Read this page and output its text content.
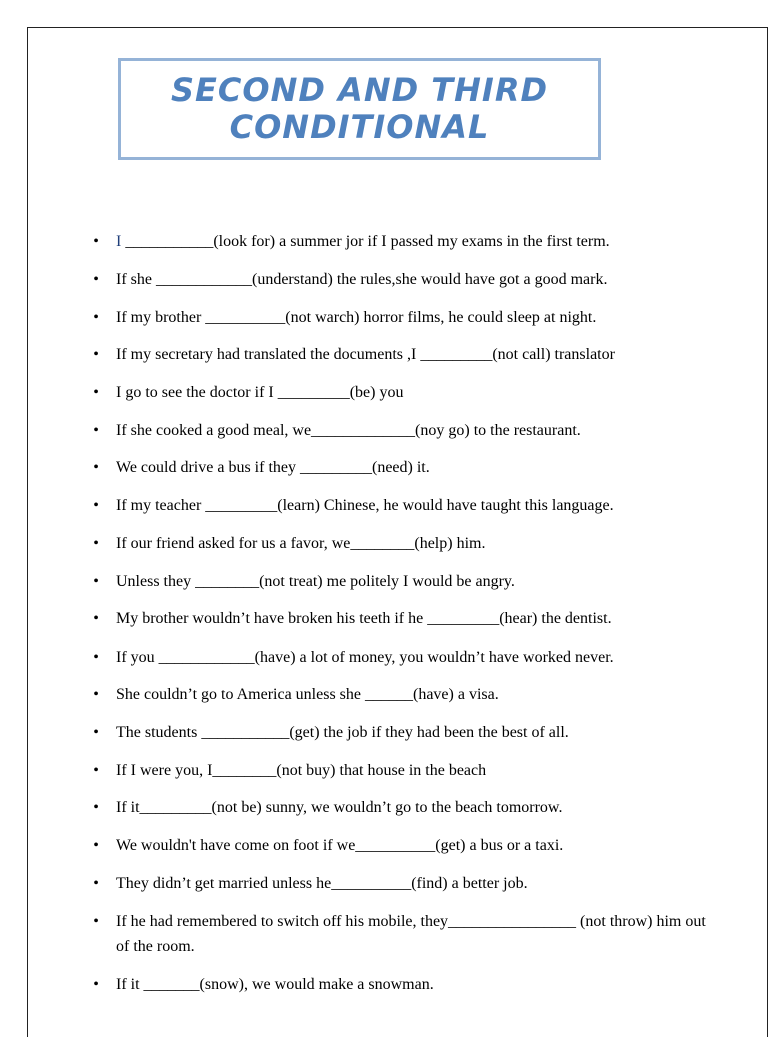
SECOND AND THIRD
CONDITIONAL
• I ___________(look for) a summer jor if I passed my exams in the first term.
• If she ____________(understand) the rules,she would have got a good mark.
• If my brother __________(not warch) horror films, he could sleep at night.
• If my secretary had translated the documents ,I _________(not call) translator
• I go to see the doctor if I _________(be) you
• If she cooked a good meal, we_____________(noy go) to the restaurant.
• We could drive a bus if they _________(need) it.
• If my teacher _________(learn) Chinese, he would have taught this language.
• If our friend asked for us a favor, we________(help) him.
• Unless they ________(not treat) me politely I would be angry.
• My brother wouldn’t have broken his teeth if he _________(hear) the dentist.
• If you ____________(have) a lot of money, you wouldn’t have worked never.
• She couldn’t go to America unless she ______(have) a visa.
• The students ___________(get) the job if they had been the best of all.
• If I were you, I________(not buy) that house in the beach
• If it_________(not be) sunny, we wouldn’t go to the beach tomorrow.
• We wouldn't have come on foot if we__________(get) a bus or a taxi.
• They didn’t get married unless he__________(find) a better job.
• If he had remembered to switch off his mobile, they________________ (not throw) him out of the room.
• If it _______(snow), we would make a snowman.
